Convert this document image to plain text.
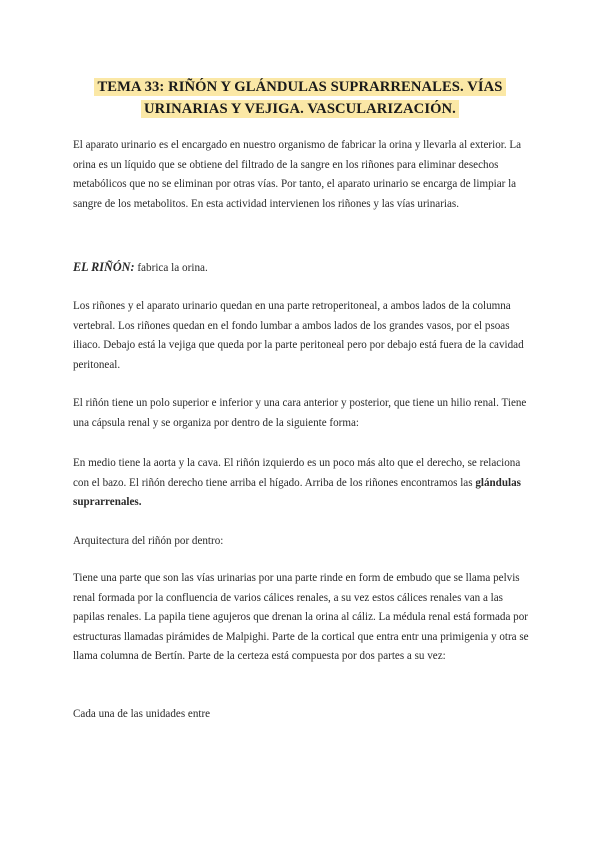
TEMA 33: RIÑÓN Y GLÁNDULAS SUPRARRENALES. VÍAS
URINARIAS Y VEJIGA. VASCULARIZACIÓN.

El aparato urinario es el encargado en nuestro organismo de fabricar la orina y llevarla al exterior. La orina es un líquido que se obtiene del filtrado de la sangre en los riñones para eliminar desechos metabólicos que no se eliminan por otras vías. Por tanto, el aparato urinario se encarga de limpiar la sangre de los metabolitos. En esta actividad intervienen los riñones y las vías urinarias.

EL RIÑÓN: fabrica la orina.

Los riñones y el aparato urinario quedan en una parte retroperitoneal, a ambos lados de la columna vertebral. Los riñones quedan en el fondo lumbar a ambos lados de los grandes vasos, por el psoas iliaco. Debajo está la vejiga que queda por la parte peritoneal pero por debajo está fuera de la cavidad peritoneal.

El riñón tiene un polo superior e inferior y una cara anterior y posterior, que tiene un hilio renal. Tiene una cápsula renal y se organiza por dentro de la siguiente forma:

En medio tiene la aorta y la cava. El riñón izquierdo es un poco más alto que el derecho, se relaciona con el bazo. El riñón derecho tiene arriba el hígado. Arriba de los riñones encontramos las glándulas suprarrenales.

Arquitectura del riñón por dentro:

Tiene una parte que son las vías urinarias por una parte rinde en form de embudo que se llama pelvis renal formada por la confluencia de varios cálices renales, a su vez estos cálices renales van a las papilas renales. La papila tiene agujeros que drenan la orina al cáliz. La médula renal está formada por estructuras llamadas pirámides de Malpighi. Parte de la cortical que entra entr una primigenia y otra se llama columna de Bertín. Parte de la certeza está compuesta por dos partes a su vez:

Cada una de las unidades entre
